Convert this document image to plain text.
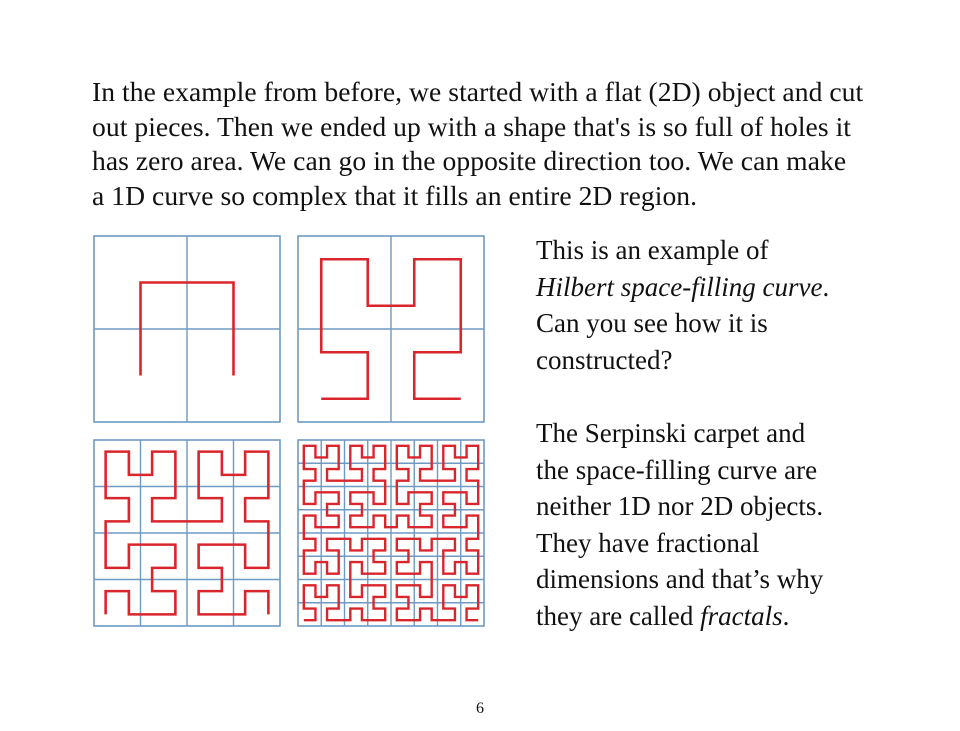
In the example from before, we started with a flat (2D) object and cut
out pieces. Then we ended up with a shape that's is so full of holes it
has zero area. We can go in the opposite direction too. We can make
a 1D curve so complex that it fills an entire 2D region.
This is an example of
Hilbert space-filling curve.
Can you see how it is
constructed?
The Serpinski carpet and
the space-filling curve are
neither 1D nor 2D objects.
They have fractional
dimensions and that’s why
they are called fractals.
6
